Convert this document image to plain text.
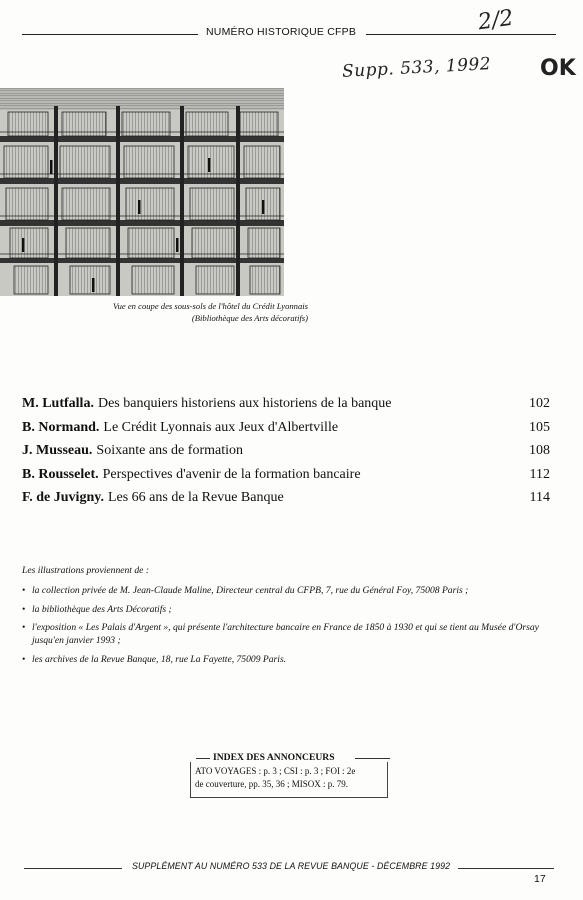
NUMÉRO HISTORIQUE CFPB	2/2
Supp. 533, 1992 OK
Vue en coupe des sous-sols de l'hôtel du Crédit Lyonnais
(Bibliothèque des Arts décoratifs)
M. Lutfalla. Des banquiers historiens aux historiens de la banque	102
B. Normand. Le Crédit Lyonnais aux Jeux d'Albertville	105
J. Musseau. Soixante ans de formation	108
B. Rousselet. Perspectives d'avenir de la formation bancaire	112
F. de Juvigny. Les 66 ans de la Revue Banque	114
Les illustrations proviennent de :
• la collection privée de M. Jean-Claude Maline, Directeur central du CFPB, 7, rue du Général Foy, 75008 Paris ;
• la bibliothèque des Arts Décoratifs ;
• l'exposition « Les Palais d'Argent », qui présente l'architecture bancaire en France de 1850 à 1930 et qui se tient au Musée d'Orsay jusqu'en janvier 1993 ;
• les archives de la Revue Banque, 18, rue La Fayette, 75009 Paris.
INDEX DES ANNONCEURS
ATO VOYAGES : p. 3 ; CSI : p. 3 ; FOI : 2e
de couverture, pp. 35, 36 ; MISOX : p. 79.
SUPPLÉMENT AU NUMÉRO 533 DE LA REVUE BANQUE - DÉCEMBRE 1992
17
